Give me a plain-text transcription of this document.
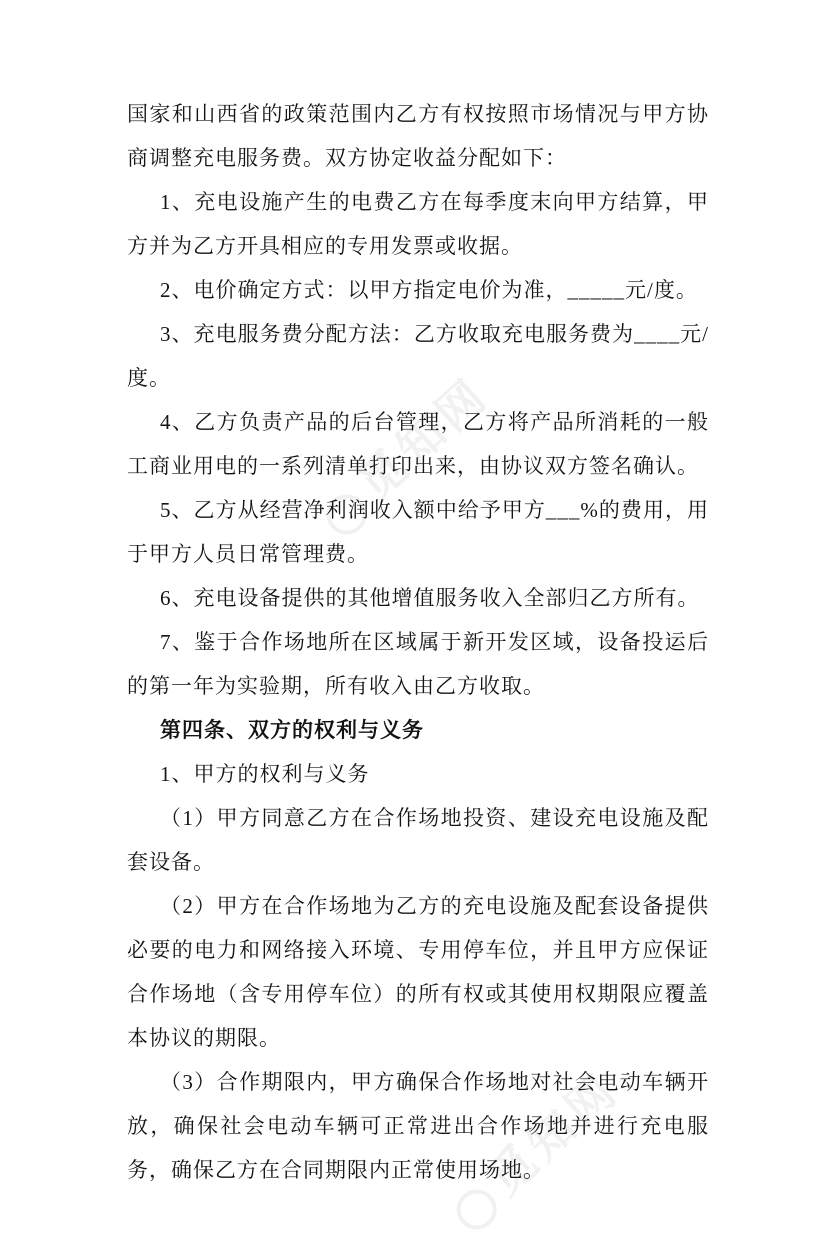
觅知网

国家和山西省的政策范围内乙方有权按照市场情况与甲方协商调整充电服务费。双方协定收益分配如下：

1、充电设施产生的电费乙方在每季度末向甲方结算，甲方并为乙方开具相应的专用发票或收据。

2、电价确定方式：以甲方指定电价为准，_____元/度。

3、充电服务费分配方法：乙方收取充电服务费为____元/度。

4、乙方负责产品的后台管理，乙方将产品所消耗的一般工商业用电的一系列清单打印出来，由协议双方签名确认。

5、乙方从经营净利润收入额中给予甲方___%的费用，用于甲方人员日常管理费。

6、充电设备提供的其他增值服务收入全部归乙方所有。

7、鉴于合作场地所在区域属于新开发区域，设备投运后的第一年为实验期，所有收入由乙方收取。

第四条、双方的权利与义务

1、甲方的权利与义务

（1）甲方同意乙方在合作场地投资、建设充电设施及配套设备。

（2）甲方在合作场地为乙方的充电设施及配套设备提供必要的电力和网络接入环境、专用停车位，并且甲方应保证合作场地（含专用停车位）的所有权或其使用权期限应覆盖本协议的期限。

（3）合作期限内，甲方确保合作场地对社会电动车辆开放，确保社会电动车辆可正常进出合作场地并进行充电服务，确保乙方在合同期限内正常使用场地。

觅知网
